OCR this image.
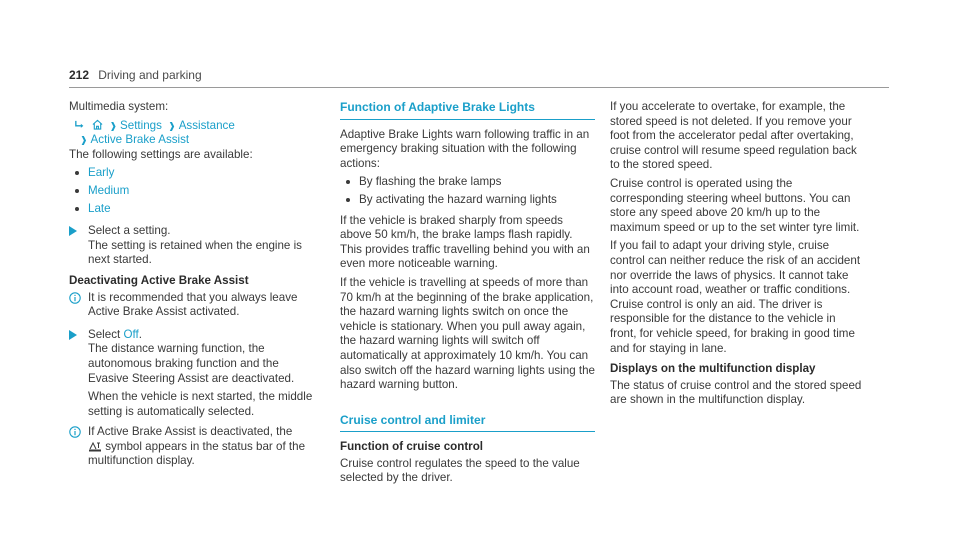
212 Driving and parking

Multimedia system:

❱ Settings ❱ Assistance
❱ Active Brake Assist

The following settings are available:

Early
Medium
Late
Select a setting.
The setting is retained when the engine is next started.
Deactivating Active Brake Assist
It is recommended that you always leave Active Brake Assist activated.
Select Off.

The distance warning function, the autonomous braking function and the Evasive Steering Assist are deactivated.

When the vehicle is next started, the middle setting is automatically selected.

If Active Brake Assist is deactivated, the
symbol appears in the status bar of the multifunction display.
Function of Adaptive Brake Lights

Adaptive Brake Lights warn following traffic in an emergency braking situation with the following actions:

By flashing the brake lamps
By activating the hazard warning lights

If the vehicle is braked sharply from speeds above 50 km/h, the brake lamps flash rapidly. This provides traffic travelling behind you with an even more noticeable warning.

If the vehicle is travelling at speeds of more than 70 km/h at the beginning of the brake application, the hazard warning lights switch on once the vehicle is stationary. When you pull away again, the hazard warning lights will switch off automatically at approximately 10 km/h. You can also switch off the hazard warning lights using the hazard warning button.

Cruise control and limiter
Function of cruise control

Cruise control regulates the speed to the value selected by the driver.

If you accelerate to overtake, for example, the stored speed is not deleted. If you remove your foot from the accelerator pedal after overtaking, cruise control will resume speed regulation back to the stored speed.

Cruise control is operated using the corresponding steering wheel buttons. You can store any speed above 20 km/h up to the maximum speed or up to the set winter tyre limit.

If you fail to adapt your driving style, cruise control can neither reduce the risk of an accident nor override the laws of physics. It cannot take into account road, weather or traffic conditions. Cruise control is only an aid. The driver is responsible for the distance to the vehicle in front, for vehicle speed, for braking in good time and for staying in lane.

Displays on the multifunction display

The status of cruise control and the stored speed are shown in the multifunction display.
